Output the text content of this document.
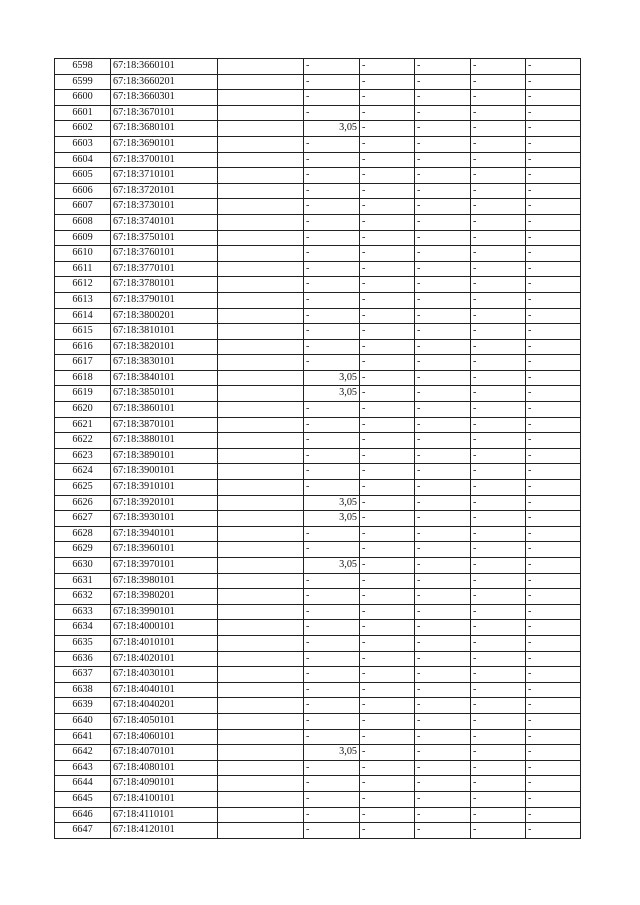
6598	67:18:3660101		-	-	-	-	-
6599	67:18:3660201		-	-	-	-	-
6600	67:18:3660301		-	-	-	-	-
6601	67:18:3670101		-	-	-	-	-
6602	67:18:3680101		3,05	-	-	-	-
6603	67:18:3690101		-	-	-	-	-
6604	67:18:3700101		-	-	-	-	-
6605	67:18:3710101		-	-	-	-	-
6606	67:18:3720101		-	-	-	-	-
6607	67:18:3730101		-	-	-	-	-
6608	67:18:3740101		-	-	-	-	-
6609	67:18:3750101		-	-	-	-	-
6610	67:18:3760101		-	-	-	-	-
6611	67:18:3770101		-	-	-	-	-
6612	67:18:3780101		-	-	-	-	-
6613	67:18:3790101		-	-	-	-	-
6614	67:18:3800201		-	-	-	-	-
6615	67:18:3810101		-	-	-	-	-
6616	67:18:3820101		-	-	-	-	-
6617	67:18:3830101		-	-	-	-	-
6618	67:18:3840101		3,05	-	-	-	-
6619	67:18:3850101		3,05	-	-	-	-
6620	67:18:3860101		-	-	-	-	-
6621	67:18:3870101		-	-	-	-	-
6622	67:18:3880101		-	-	-	-	-
6623	67:18:3890101		-	-	-	-	-
6624	67:18:3900101		-	-	-	-	-
6625	67:18:3910101		-	-	-	-	-
6626	67:18:3920101		3,05	-	-	-	-
6627	67:18:3930101		3,05	-	-	-	-
6628	67:18:3940101		-	-	-	-	-
6629	67:18:3960101		-	-	-	-	-
6630	67:18:3970101		3,05	-	-	-	-
6631	67:18:3980101		-	-	-	-	-
6632	67:18:3980201		-	-	-	-	-
6633	67:18:3990101		-	-	-	-	-
6634	67:18:4000101		-	-	-	-	-
6635	67:18:4010101		-	-	-	-	-
6636	67:18:4020101		-	-	-	-	-
6637	67:18:4030101		-	-	-	-	-
6638	67:18:4040101		-	-	-	-	-
6639	67:18:4040201		-	-	-	-	-
6640	67:18:4050101		-	-	-	-	-
6641	67:18:4060101		-	-	-	-	-
6642	67:18:4070101		3,05	-	-	-	-
6643	67:18:4080101		-	-	-	-	-
6644	67:18:4090101		-	-	-	-	-
6645	67:18:4100101		-	-	-	-	-
6646	67:18:4110101		-	-	-	-	-
6647	67:18:4120101		-	-	-	-	-
